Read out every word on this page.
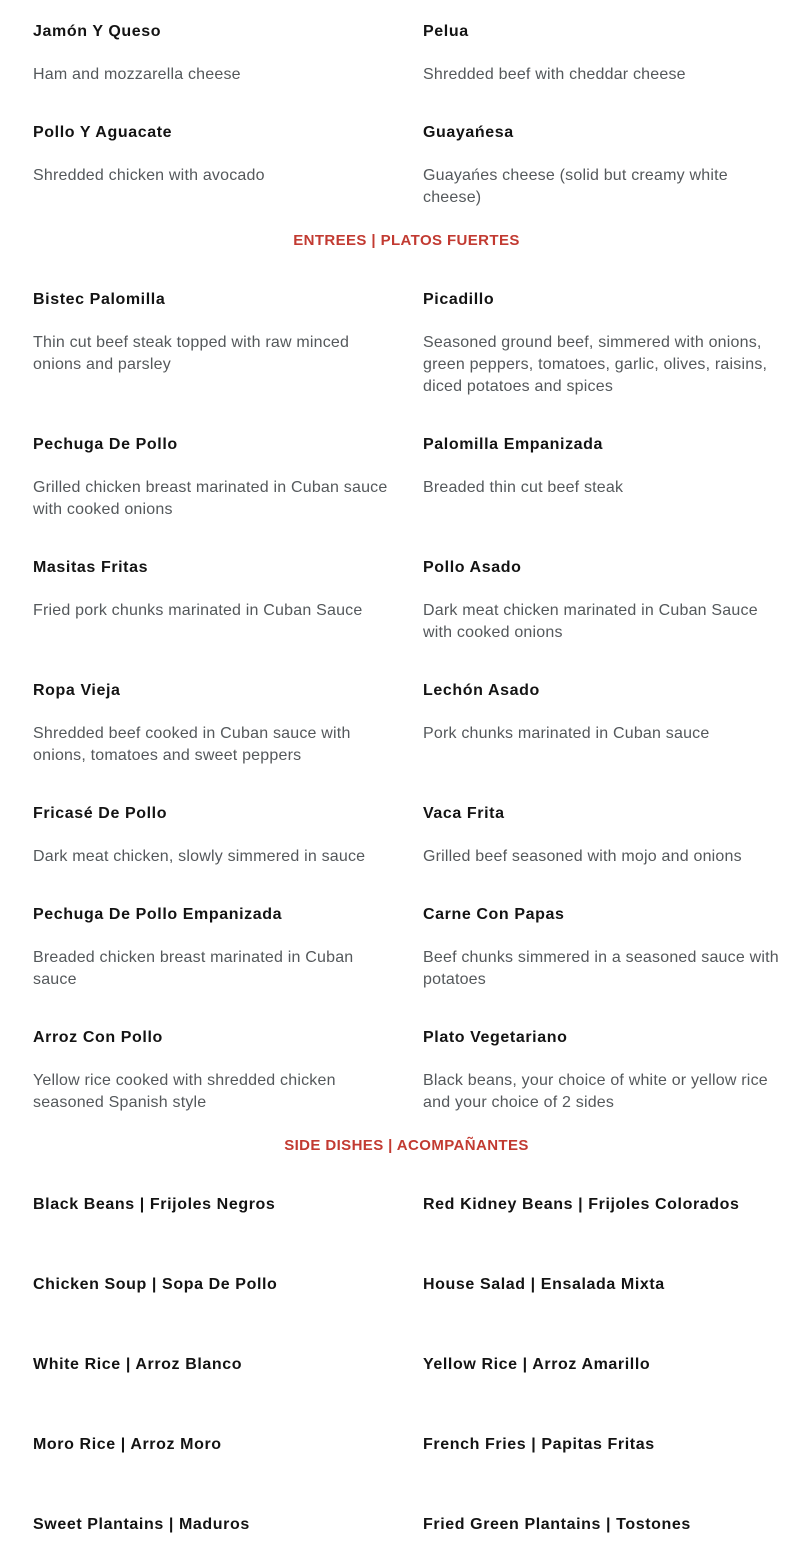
Jamón Y Queso

Ham and mozzarella cheese

Pelua

Shredded beef with cheddar cheese

Pollo Y Aguacate

Shredded chicken with avocado

Guayańesa

Guayańes cheese (solid but creamy white cheese)

ENTREES | PLATOS FUERTES
Bistec Palomilla

Thin cut beef steak topped with raw minced onions and parsley

Picadillo

Seasoned ground beef, simmered with onions, green peppers, tomatoes, garlic, olives, raisins, diced potatoes and spices

Pechuga De Pollo

Grilled chicken breast marinated in Cuban sauce with cooked onions

Palomilla Empanizada

Breaded thin cut beef steak

Masitas Fritas

Fried pork chunks marinated in Cuban Sauce

Pollo Asado

Dark meat chicken marinated in Cuban Sauce with cooked onions

Ropa Vieja

Shredded beef cooked in Cuban sauce with onions, tomatoes and sweet peppers

Lechón Asado

Pork chunks marinated in Cuban sauce

Fricasé De Pollo

Dark meat chicken, slowly simmered in sauce

Vaca Frita

Grilled beef seasoned with mojo and onions

Pechuga De Pollo Empanizada

Breaded chicken breast marinated in Cuban sauce

Carne Con Papas

Beef chunks simmered in a seasoned sauce with potatoes

Arroz Con Pollo

Yellow rice cooked with shredded chicken seasoned Spanish style

Plato Vegetariano

Black beans, your choice of white or yellow rice and your choice of 2 sides

SIDE DISHES | ACOMPAÑANTES
Black Beans | Frijoles Negros	Red Kidney Beans | Frijoles Colorados
Chicken Soup | Sopa De Pollo	House Salad | Ensalada Mixta
White Rice | Arroz Blanco	Yellow Rice | Arroz Amarillo
Moro Rice | Arroz Moro	French Fries | Papitas Fritas
Sweet Plantains | Maduros	Fried Green Plantains | Tostones
